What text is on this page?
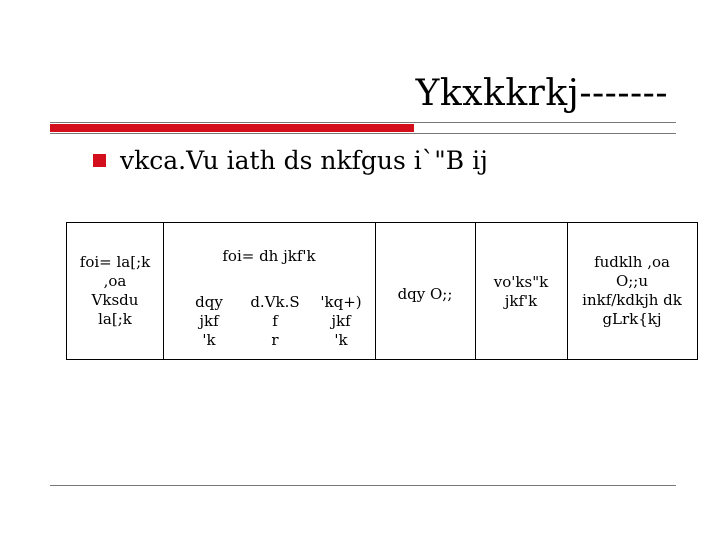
Ykxkkrkj-------
vkca.Vu iath ds nkfgus i`"B ij
foi= la[;k
,oa
Vksdu
la[;k
foi= dh jkf'k
dqy
jkf
'k
d.Vk.S
f
r
'kq+)
jkf
'k
dqy O;;
vo'ks"k
jkf'k
fudklh ,oa
O;;u
inkf/kdkjh dk
gLrk{kj
